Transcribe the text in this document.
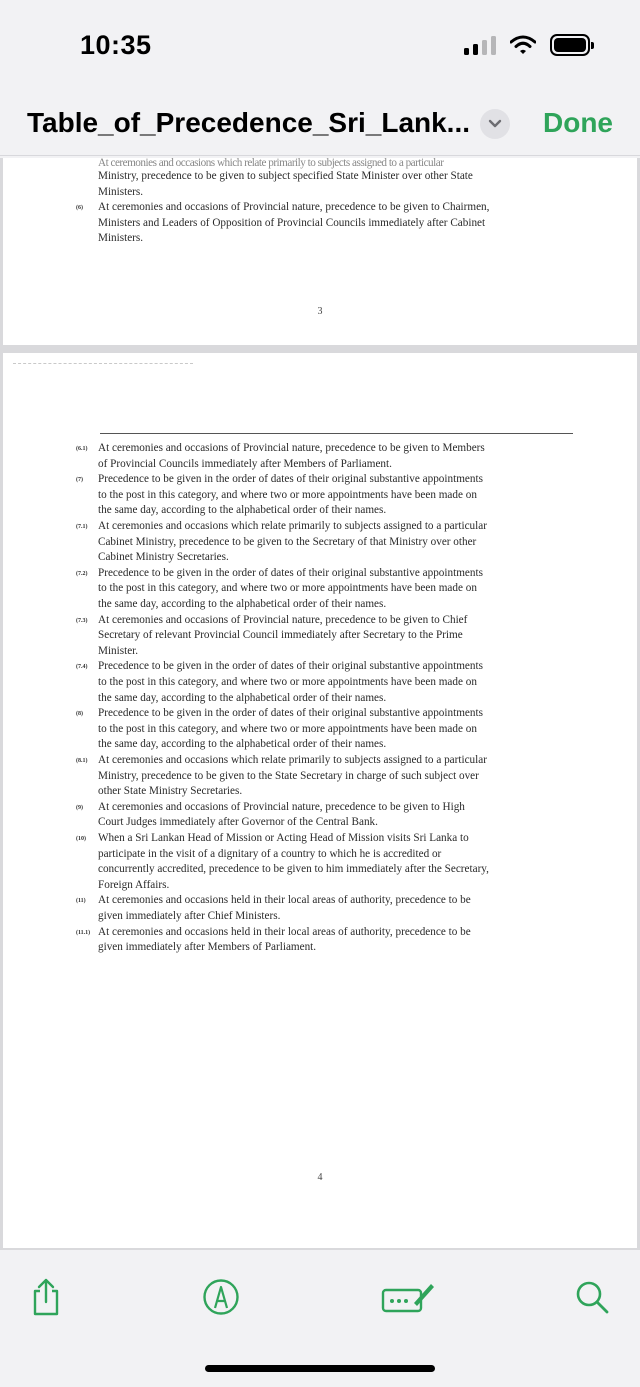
10:35
Table_of_Precedence_Sri_Lank...	Done
At ceremonies and occasions which relate primarily to subjects assigned to a particular
Ministry, precedence to be given to subject specified State Minister over other State
Ministers.
(6) At ceremonies and occasions of Provincial nature, precedence to be given to Chairmen,
Ministers and Leaders of Opposition of Provincial Councils immediately after Cabinet
Ministers.
3
(6.1) At ceremonies and occasions of Provincial nature, precedence to be given to Members
of Provincial Councils immediately after Members of Parliament.
(7) Precedence to be given in the order of dates of their original substantive appointments
to the post in this category, and where two or more appointments have been made on
the same day, according to the alphabetical order of their names.
(7.1) At ceremonies and occasions which relate primarily to subjects assigned to a particular
Cabinet Ministry, precedence to be given to the Secretary of that Ministry over other
Cabinet Ministry Secretaries.
(7.2) Precedence to be given in the order of dates of their original substantive appointments
to the post in this category, and where two or more appointments have been made on
the same day, according to the alphabetical order of their names.
(7.3) At ceremonies and occasions of Provincial nature, precedence to be given to Chief
Secretary of relevant Provincial Council immediately after Secretary to the Prime
Minister.
(7.4) Precedence to be given in the order of dates of their original substantive appointments
to the post in this category, and where two or more appointments have been made on
the same day, according to the alphabetical order of their names.
(8) Precedence to be given in the order of dates of their original substantive appointments
to the post in this category, and where two or more appointments have been made on
the same day, according to the alphabetical order of their names.
(8.1) At ceremonies and occasions which relate primarily to subjects assigned to a particular
Ministry, precedence to be given to the State Secretary in charge of such subject over
other State Ministry Secretaries.
(9) At ceremonies and occasions of Provincial nature, precedence to be given to High
Court Judges immediately after Governor of the Central Bank.
(10) When a Sri Lankan Head of Mission or Acting Head of Mission visits Sri Lanka to
participate in the visit of a dignitary of a country to which he is accredited or
concurrently accredited, precedence to be given to him immediately after the Secretary,
Foreign Affairs.
(11) At ceremonies and occasions held in their local areas of authority, precedence to be
given immediately after Chief Ministers.
(11.1) At ceremonies and occasions held in their local areas of authority, precedence to be
given immediately after Members of Parliament.
4
